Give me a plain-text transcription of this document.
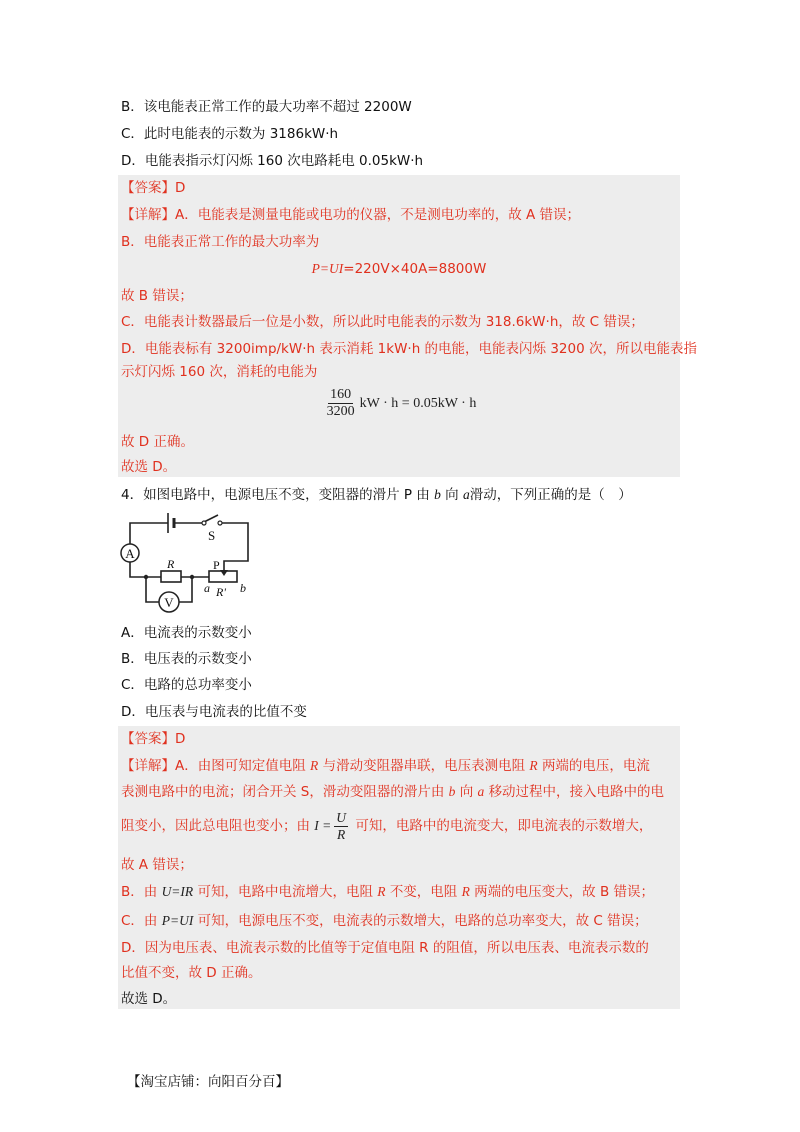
B．该电能表正常工作的最大功率不超过 2200W
C．此时电能表的示数为 3186kW·h
D．电能表指示灯闪烁 160 次电路耗电 0.05kW·h
【答案】D
【详解】A．电能表是测量电能或电功的仪器，不是测电功率的，故 A 错误；
B．电能表正常工作的最大功率为
P=UI=220V×40A=8800W
故 B 错误；
C．电能表计数器最后一位是小数，所以此时电能表的示数为 318.6kW·h，故 C 错误；
D．电能表标有 3200imp/kW·h 表示消耗 1kW·h 的电能，电能表闪烁 3200 次，所以电能表指
示灯闪烁 160 次，消耗的电能为
$\frac{160}{3200}$ kW · h = 0.05kW · h
故 D 正确。
故选 D。
4．如图电路中，电源电压不变，变阻器的滑片 P 由 b 向 a滑动，下列正确的是（　）
A
V
S
R	P
R'
a	b
A．电流表的示数变小
B．电压表的示数变小
C．电路的总功率变小
D．电压表与电流表的比值不变
【答案】D
【详解】A．由图可知定值电阻 R 与滑动变阻器串联，电压表测电阻 R 两端的电压，电流
表测电路中的电流；闭合开关 S，滑动变阻器的滑片由 b 向 a 移动过程中，接入电路中的电
阻变小，因此总电阻也变小；由 $I = \frac{U}{R}$ 可知，电路中的电流变大，即电流表的示数增大，
故 A 错误；
B．由 U=IR 可知，电路中电流增大，电阻 R 不变，电阻 R 两端的电压变大，故 B 错误；
C．由 P=UI 可知，电源电压不变，电流表的示数增大，电路的总功率变大，故 C 错误；
D．因为电压表、电流表示数的比值等于定值电阻 R 的阻值，所以电压表、电流表示数的
比值不变，故 D 正确。
故选 D。
【淘宝店铺：向阳百分百】
